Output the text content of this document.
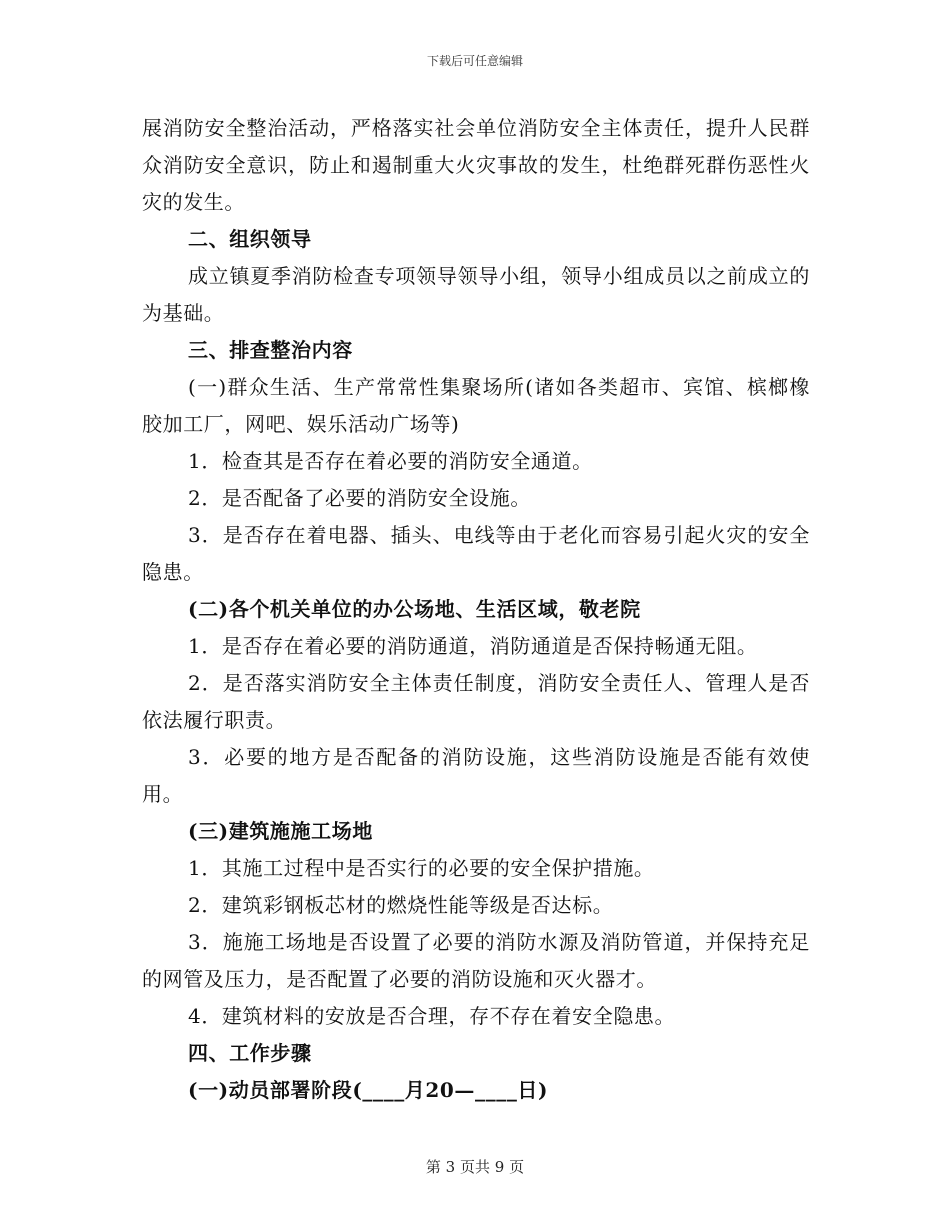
下载后可任意编辑

展消防安全整治活动，严格落实社会单位消防安全主体责任，提升人民群众消防安全意识，防止和遏制重大火灾事故的发生，杜绝群死群伤恶性火灾的发生。

二、组织领导

成立镇夏季消防检查专项领导领导小组，领导小组成员以之前成立的为基础。

三、排查整治内容

(一)群众生活、生产常常性集聚场所(诸如各类超市、宾馆、槟榔橡胶加工厂，网吧、娱乐活动广场等)

1．检查其是否存在着必要的消防安全通道。

2．是否配备了必要的消防安全设施。

3．是否存在着电器、插头、电线等由于老化而容易引起火灾的安全隐患。

(二)各个机关单位的办公场地、生活区域，敬老院

1．是否存在着必要的消防通道，消防通道是否保持畅通无阻。

2．是否落实消防安全主体责任制度，消防安全责任人、管理人是否依法履行职责。

3．必要的地方是否配备的消防设施，这些消防设施是否能有效使用。

(三)建筑施施工场地

1．其施工过程中是否实行的必要的安全保护措施。

2．建筑彩钢板芯材的燃烧性能等级是否达标。

3．施施工场地是否设置了必要的消防水源及消防管道，并保持充足的网管及压力，是否配置了必要的消防设施和灭火器才。

4．建筑材料的安放是否合理，存不存在着安全隐患。

四、工作步骤

(一)动员部署阶段(____月20—____日)

第 3 页共 9 页
